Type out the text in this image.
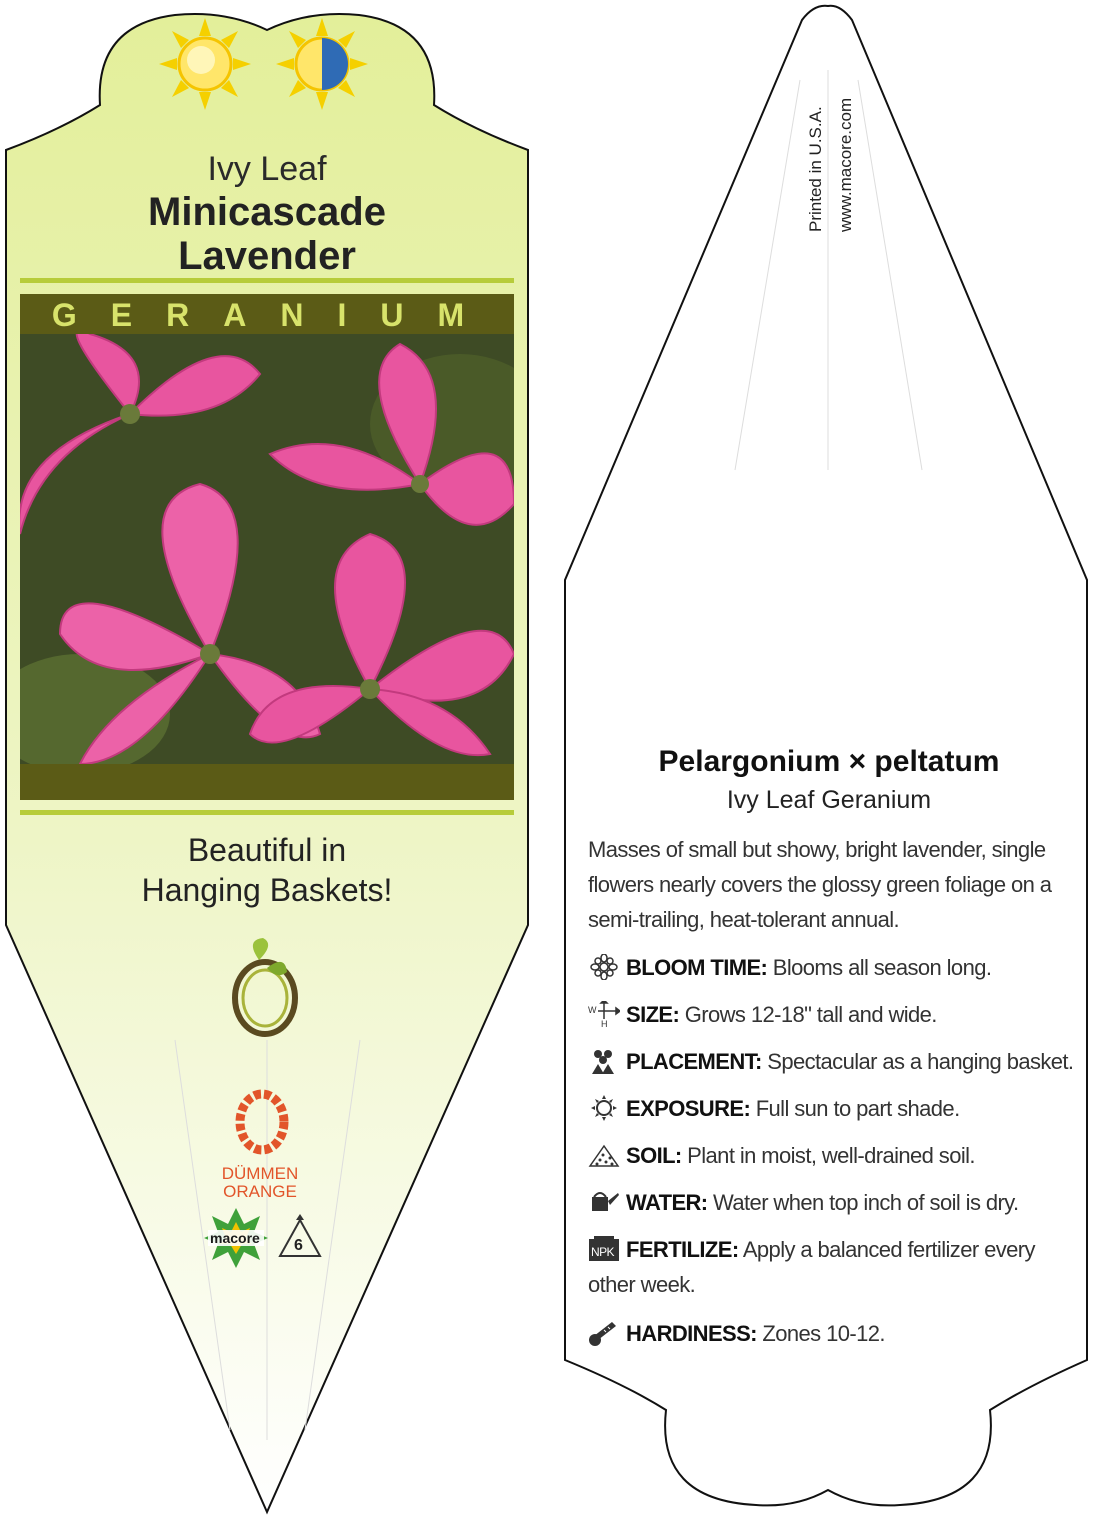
Ivy Leaf
Minicascade
Lavender
GERANIUM
Beautiful in
Hanging Baskets!
DÜMMEN
ORANGE
macore 6
Printed in U.S.A. www.macore.com
Pelargonium × peltatum
Ivy Leaf Geranium
Masses of small but showy, bright lavender, single flowers nearly covers the glossy green foliage on a semi-trailing, heat-tolerant annual.
BLOOM TIME: Blooms all season long.
W
H SIZE: Grows 12-18" tall and wide.
PLACEMENT: Spectacular as a hanging basket.
EXPOSURE: Full sun to part shade.
SOIL: Plant in moist, well-drained soil.
WATER: Water when top inch of soil is dry.
NPK FERTILIZE: Apply a balanced fertilizer every other week.
HARDINESS: Zones 10-12.
